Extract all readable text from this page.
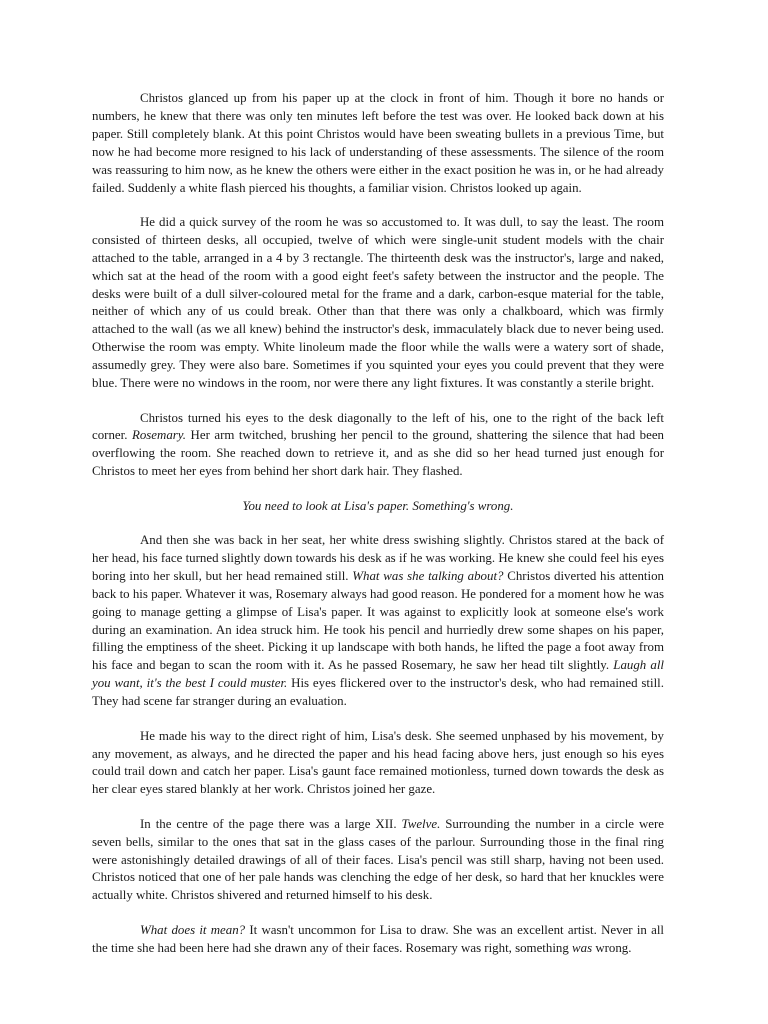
Christos glanced up from his paper up at the clock in front of him. Though it bore no hands or numbers, he knew that there was only ten minutes left before the test was over. He looked back down at his paper. Still completely blank. At this point Christos would have been sweating bullets in a previous Time, but now he had become more resigned to his lack of understanding of these assessments. The silence of the room was reassuring to him now, as he knew the others were either in the exact position he was in, or he had already failed. Suddenly a white flash pierced his thoughts, a familiar vision. Christos looked up again.

He did a quick survey of the room he was so accustomed to. It was dull, to say the least. The room consisted of thirteen desks, all occupied, twelve of which were single-unit student models with the chair attached to the table, arranged in a 4 by 3 rectangle. The thirteenth desk was the instructor's, large and naked, which sat at the head of the room with a good eight feet's safety between the instructor and the people. The desks were built of a dull silver-coloured metal for the frame and a dark, carbon-esque material for the table, neither of which any of us could break. Other than that there was only a chalkboard, which was firmly attached to the wall (as we all knew) behind the instructor's desk, immaculately black due to never being used. Otherwise the room was empty. White linoleum made the floor while the walls were a watery sort of shade, assumedly grey. They were also bare. Sometimes if you squinted your eyes you could prevent that they were blue. There were no windows in the room, nor were there any light fixtures. It was constantly a sterile bright.

Christos turned his eyes to the desk diagonally to the left of his, one to the right of the back left corner. Rosemary. Her arm twitched, brushing her pencil to the ground, shattering the silence that had been overflowing the room. She reached down to retrieve it, and as she did so her head turned just enough for Christos to meet her eyes from behind her short dark hair. They flashed.

You need to look at Lisa's paper. Something's wrong.

And then she was back in her seat, her white dress swishing slightly. Christos stared at the back of her head, his face turned slightly down towards his desk as if he was working. He knew she could feel his eyes boring into her skull, but her head remained still. What was she talking about? Christos diverted his attention back to his paper. Whatever it was, Rosemary always had good reason. He pondered for a moment how he was going to manage getting a glimpse of Lisa's paper. It was against to explicitly look at someone else's work during an examination. An idea struck him. He took his pencil and hurriedly drew some shapes on his paper, filling the emptiness of the sheet. Picking it up landscape with both hands, he lifted the page a foot away from his face and began to scan the room with it. As he passed Rosemary, he saw her head tilt slightly. Laugh all you want, it's the best I could muster. His eyes flickered over to the instructor's desk, who had remained still. They had scene far stranger during an evaluation.

He made his way to the direct right of him, Lisa's desk. She seemed unphased by his movement, by any movement, as always, and he directed the paper and his head facing above hers, just enough so his eyes could trail down and catch her paper. Lisa's gaunt face remained motionless, turned down towards the desk as her clear eyes stared blankly at her work. Christos joined her gaze.

In the centre of the page there was a large XII. Twelve. Surrounding the number in a circle were seven bells, similar to the ones that sat in the glass cases of the parlour. Surrounding those in the final ring were astonishingly detailed drawings of all of their faces. Lisa's pencil was still sharp, having not been used. Christos noticed that one of her pale hands was clenching the edge of her desk, so hard that her knuckles were actually white. Christos shivered and returned himself to his desk.

What does it mean? It wasn't uncommon for Lisa to draw. She was an excellent artist. Never in all the time she had been here had she drawn any of their faces. Rosemary was right, something was wrong.
